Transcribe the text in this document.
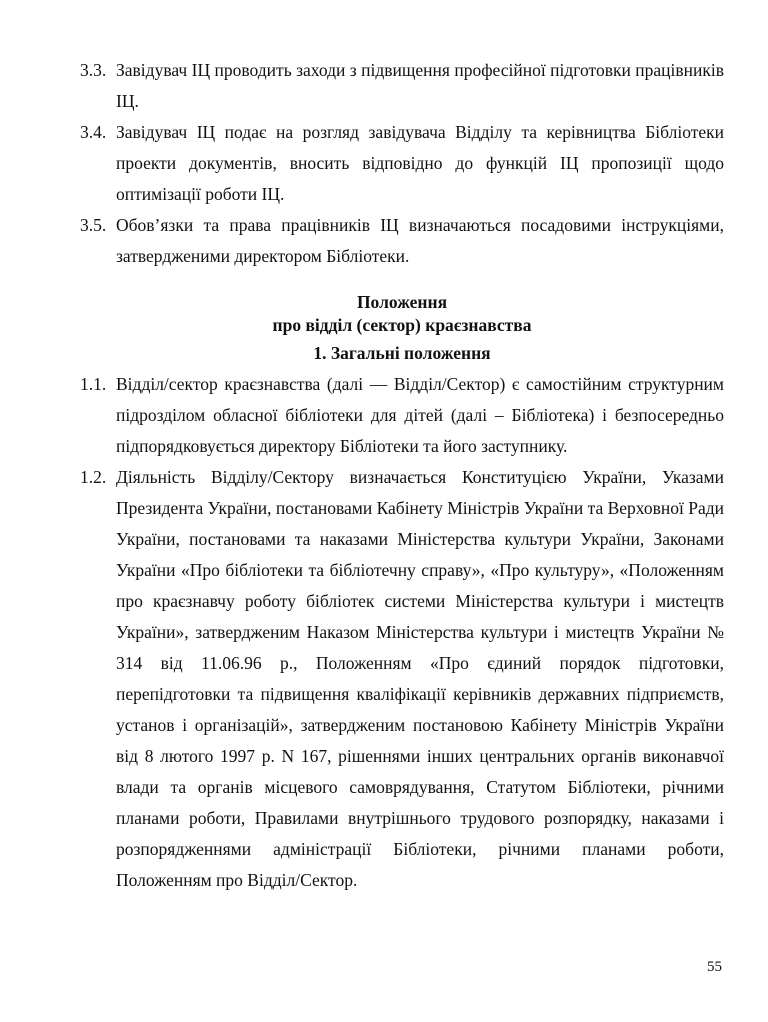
3.3. Завідувач ІЦ проводить заходи з підвищення професійної підготовки працівників ІЦ.
3.4. Завідувач ІЦ подає на розгляд завідувача Відділу та керівництва Бібліотеки проекти документів, вносить відповідно до функцій ІЦ пропозиції щодо оптимізації роботи ІЦ.
3.5. Обов’язки та права працівників ІЦ визначаються посадовими інструкціями, затвердженими директором Бібліотеки.
Положення
про відділ (сектор) краєзнавства
1. Загальні положення
1.1. Відділ/сектор краєзнавства (далі — Відділ/Сектор) є самостійним структурним підрозділом обласної бібліотеки для дітей (далі – Бібліотека) і безпосередньо підпорядковується директору Бібліотеки та його заступнику.
1.2. Діяльність Відділу/Сектору визначається Конституцією України, Указами Президента України, постановами Кабінету Міністрів України та Верховної Ради України, постановами та наказами Міністерства культури України, Законами України «Про бібліотеки та бібліотечну справу», «Про культуру», «Положенням про краєзнавчу роботу бібліотек системи Міністерства культури і мистецтв України», затвердженим Наказом Міністерства культури і мистецтв України № 314 від 11.06.96 р., Положенням «Про єдиний порядок підготовки, перепідготовки та підвищення кваліфікації керівників державних підприємств, установ і організацій», затвердженим постановою Кабінету Міністрів України від 8 лютого 1997 р. N 167, рішеннями інших центральних органів виконавчої влади та органів місцевого самоврядування, Статутом Бібліотеки, річними планами роботи, Правилами внутрішнього трудового розпорядку, наказами і розпорядженнями адміністрації Бібліотеки, річними планами роботи, Положенням про Відділ/Сектор.
55
